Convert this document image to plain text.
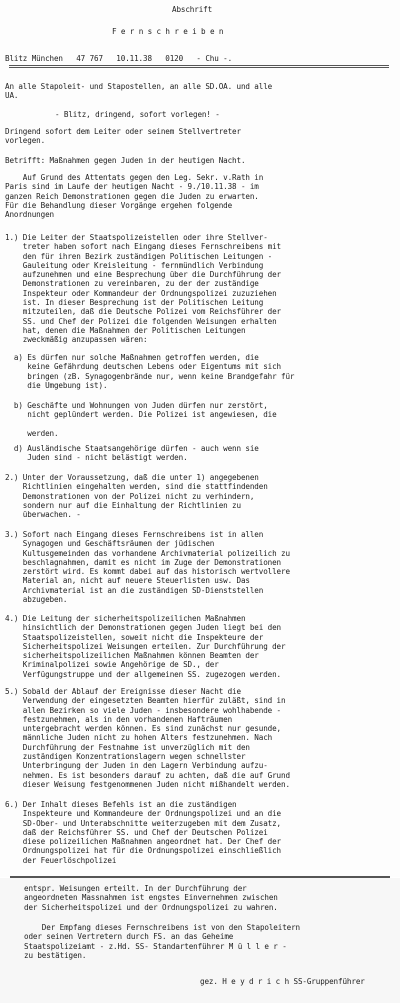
Abschrift
F e r n s c h r e i b e n
Blitz München   47 767   10.11.38   0120   - Chu -.
An alle Stapoleit- und Stapostellen, an alle SD.OA. und alle
UA.
- Blitz, dringend, sofort vorlegen! -
Dringend sofort dem Leiter oder seinem Stellvertreter
vorlegen.
Betrifft: Maßnahmen gegen Juden in der heutigen Nacht.
Auf Grund des Attentats gegen den Leg. Sekr. v.Rath in
Paris sind im Laufe der heutigen Nacht - 9./10.11.38 - im
ganzen Reich Demonstrationen gegen die Juden zu erwarten.
Für die Behandlung dieser Vorgänge ergehen folgende
Anordnungen
1.) Die Leiter der Staatspolizeistellen oder ihre Stellver-
treter haben sofort nach Eingang dieses Fernschreibens mit
den für ihren Bezirk zuständigen Politischen Leitungen -
Gauleitung oder Kreisleitung - fernmündlich Verbindung
aufzunehmen und eine Besprechung über die Durchführung der
Demonstrationen zu vereinbaren, zu der der zuständige
Inspekteur oder Kommandeur der Ordnungspolizei zuzuziehen
ist. In dieser Besprechung ist der Politischen Leitung
mitzuteilen, daß die Deutsche Polizei vom Reichsführer der
SS. und Chef der Polizei die folgenden Weisungen erhalten
hat, denen die Maßnahmen der Politischen Leitungen
zweckmäßig anzupassen wären:
a) Es dürfen nur solche Maßnahmen getroffen werden, die
keine Gefährdung deutschen Lebens oder Eigentums mit sich
bringen (zB. Synagogenbrände nur, wenn keine Brandgefahr für
die Umgebung ist).
b) Geschäfte und Wohnungen von Juden dürfen nur zerstört,
nicht geplündert werden. Die Polizei ist angewiesen, die

werden.
d) Ausländische Staatsangehörige dürfen - auch wenn sie
Juden sind - nicht belästigt werden.
2.) Unter der Voraussetzung, daß die unter 1) angegebenen
Richtlinien eingehalten werden, sind die stattfindenden
Demonstrationen von der Polizei nicht zu verhindern,
sondern nur auf die Einhaltung der Richtlinien zu
überwachen. -
3.) Sofort nach Eingang dieses Fernschreibens ist in allen
Synagogen und Geschäftsräumen der jüdischen
Kultusgemeinden das vorhandene Archivmaterial polizeilich zu
beschlagnahmen, damit es nicht im Zuge der Demonstrationen
zerstört wird. Es kommt dabei auf das historisch wertvollere
Material an, nicht auf neuere Steuerlisten usw. Das
Archivmaterial ist an die zuständigen SD-Dienststellen
abzugeben.
4.) Die Leitung der sicherheitspolizeilichen Maßnahmen
hinsichtlich der Demonstrationen gegen Juden liegt bei den
Staatspolizeistellen, soweit nicht die Inspekteure der
Sicherheitspolizei Weisungen erteilen. Zur Durchführung der
sicherheitspolizeilichen Maßnahmen können Beamten der
Kriminalpolizei sowie Angehörige de SD., der
Verfügungstruppe und der allgemeinen SS. zugezogen werden.
5.) Sobald der Ablauf der Ereignisse dieser Nacht die
Verwendung der eingesetzten Beamten hierfür zuläßt, sind in
allen Bezirken so viele Juden - insbesondere wohlhabende -
festzunehmen, als in den vorhandenen Hafträumen
untergebracht werden können. Es sind zunächst nur gesunde,
männliche Juden nicht zu hohen Alters festzunehmen. Nach
Durchführung der Festnahme ist unverzüglich mit den
zuständigen Konzentrationslagern wegen schnellster
Unterbringung der Juden in den Lagern Verbindung aufzu-
nehmen. Es ist besonders darauf zu achten, daß die auf Grund
dieser Weisung festgenommenen Juden nicht mißhandelt werden.
6.) Der Inhalt dieses Befehls ist an die zuständigen
Inspekteure und Kommandeure der Ordnungspolizei und an die
SD-Ober- und Unterabschnitte weiterzugeben mit dem Zusatz,
daß der Reichsführer SS. und Chef der Deutschen Polizei
diese polizeilichen Maßnahmen angeordnet hat. Der Chef der
Ordnungspolizei hat für die Ordnungspolizei einschließlich
der Feuerlöschpolizei
entspr. Weisungen erteilt. In der Durchführung der
angeordneten Massnahmen ist engstes Einvernehmen zwischen
der Sicherheitspolizei und der Ordnungspolizei zu wahren.
Der Empfang dieses Fernschreibens ist von den Stapoleitern
oder seinen Vertretern durch FS. an das Geheime
Staatspolizeiamt - z.Hd. SS- Standartenführer M ü l l e r -
zu bestätigen.
gez. H e y d r i c h SS-Gruppenführer
